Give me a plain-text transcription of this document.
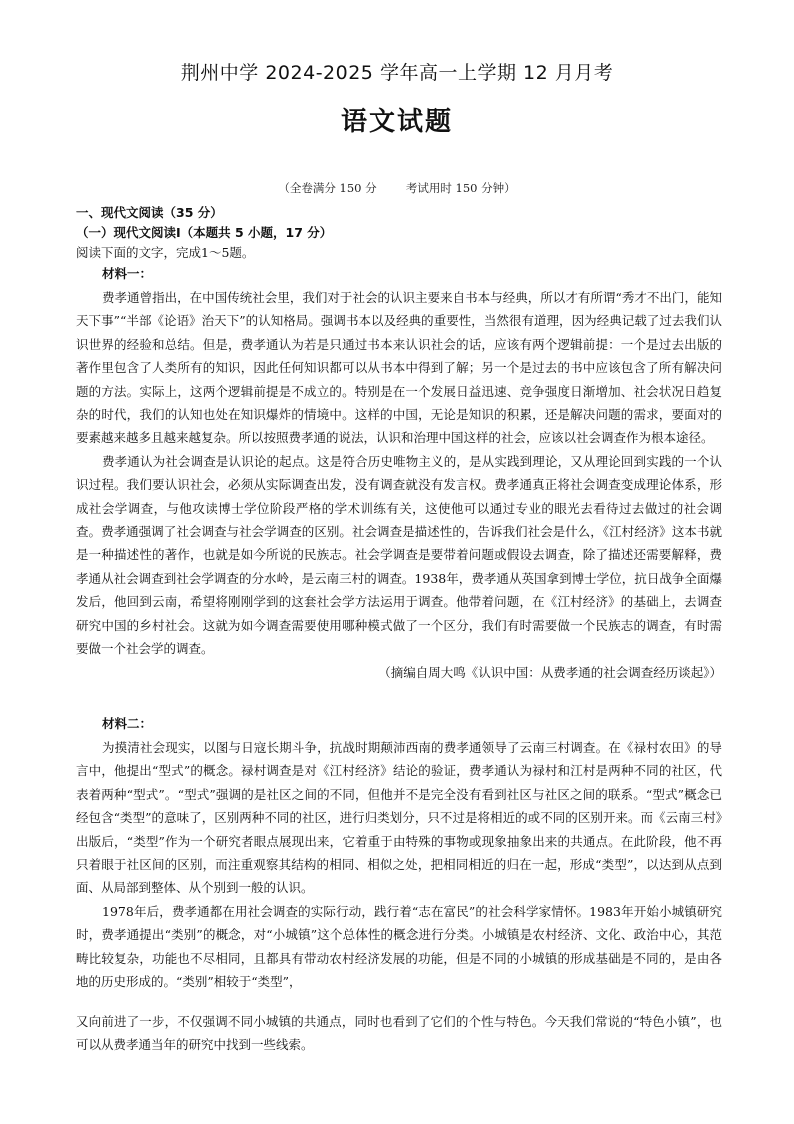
荆州中学 2024-2025 学年高一上学期 12 月月考
语文试题
（全卷满分 150 分        考试用时 150 分钟）
一、现代文阅读（35 分）
（一）现代文阅读Ⅰ（本题共 5 小题，17 分）
阅读下面的文字，完成1～5题。
材料一：

费孝通曾指出，在中国传统社会里，我们对于社会的认识主要来自书本与经典，所以才有所谓“秀才不出门，能知天下事”“半部《论语》治天下”的认知格局。强调书本以及经典的重要性，当然很有道理，因为经典记载了过去我们认识世界的经验和总结。但是，费孝通认为若是只通过书本来认识社会的话，应该有两个逻辑前提：一个是过去出版的著作里包含了人类所有的知识，因此任何知识都可以从书本中得到了解；另一个是过去的书中应该包含了所有解决问题的方法。实际上，这两个逻辑前提是不成立的。特别是在一个发展日益迅速、竞争强度日渐增加、社会状况日趋复杂的时代，我们的认知也处在知识爆炸的情境中。这样的中国，无论是知识的积累，还是解决问题的需求，要面对的要素越来越多且越来越复杂。所以按照费孝通的说法，认识和治理中国这样的社会，应该以社会调查作为根本途径。

费孝通认为社会调查是认识论的起点。这是符合历史唯物主义的，是从实践到理论，又从理论回到实践的一个认识过程。我们要认识社会，必须从实际调查出发，没有调查就没有发言权。费孝通真正将社会调查变成理论体系，形成社会学调查，与他攻读博士学位阶段严格的学术训练有关，这使他可以通过专业的眼光去看待过去做过的社会调查。费孝通强调了社会调查与社会学调查的区别。社会调查是描述性的，告诉我们社会是什么，《江村经济》这本书就是一种描述性的著作，也就是如今所说的民族志。社会学调查是要带着问题或假设去调查，除了描述还需要解释，费孝通从社会调查到社会学调查的分水岭，是云南三村的调查。1938年，费孝通从英国拿到博士学位，抗日战争全面爆发后，他回到云南，希望将刚刚学到的这套社会学方法运用于调查。他带着问题，在《江村经济》的基础上，去调查研究中国的乡村社会。这就为如今调查需要使用哪种模式做了一个区分，我们有时需要做一个民族志的调查，有时需要做一个社会学的调查。

（摘编自周大鸣《认识中国：从费孝通的社会调查经历谈起》）

材料二：

为摸清社会现实，以图与日寇长期斗争，抗战时期颠沛西南的费孝通领导了云南三村调查。在《禄村农田》的导言中，他提出“型式”的概念。禄村调查是对《江村经济》结论的验证，费孝通认为禄村和江村是两种不同的社区，代表着两种“型式”。“型式”强调的是社区之间的不同，但他并不是完全没有看到社区与社区之间的联系。“型式”概念已经包含“类型”的意味了，区别两种不同的社区，进行归类划分，只不过是将相近的或不同的区别开来。而《云南三村》出版后，“类型”作为一个研究者眼点展现出来，它着重于由特殊的事物或现象抽象出来的共通点。在此阶段，他不再只着眼于社区间的区别，而注重观察其结构的相同、相似之处，把相同相近的归在一起，形成“类型”，以达到从点到面、从局部到整体、从个别到一般的认识。

1978年后，费孝通都在用社会调查的实际行动，践行着“志在富民”的社会科学家情怀。1983年开始小城镇研究时，费孝通提出“类别”的概念，对“小城镇”这个总体性的概念进行分类。小城镇是农村经济、文化、政治中心，其范畴比较复杂，功能也不尽相同，且都具有带动农村经济发展的功能，但是不同的小城镇的形成基础是不同的，是由各地的历史形成的。“类别”相较于“类型”，

又向前进了一步，不仅强调不同小城镇的共通点，同时也看到了它们的个性与特色。今天我们常说的“特色小镇”，也可以从费孝通当年的研究中找到一些线索。
